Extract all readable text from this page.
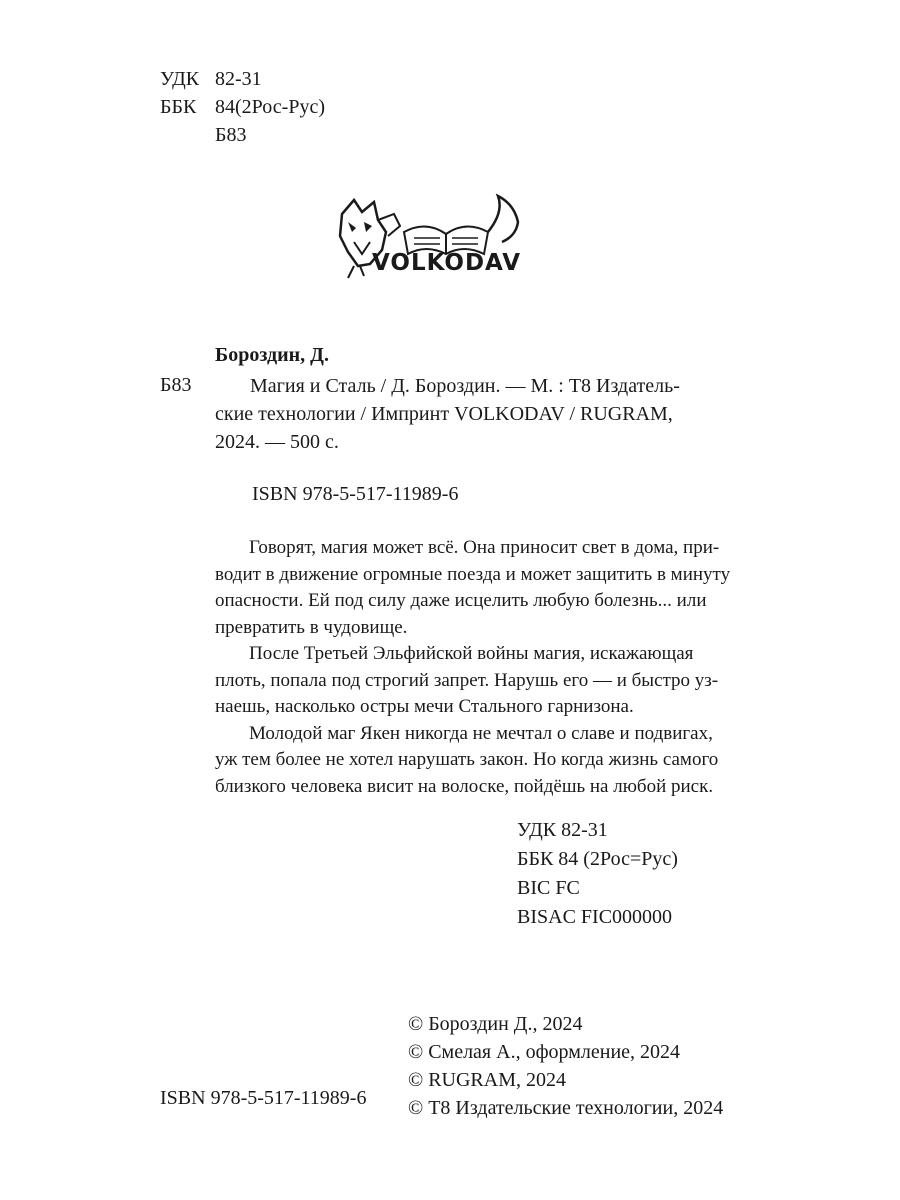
УДК 82-31
ББК 84(2Рос-Рус)
Б83
VOLKODAV
Бороздин, Д.
Б83	Магия и Сталь / Д. Бороздин. — М. : Т8 Издатель-
ские технологии / Импринт VOLKODAV / RUGRAM,
2024. — 500 с.
ISBN 978-5-517-11989-6

Говорят, магия может всё. Она приносит свет в дома, при-

водит в движение огромные поезда и может защитить в минуту

опасности. Ей под силу даже исцелить любую болезнь... или

превратить в чудовище.

После Третьей Эльфийской войны магия, искажающая

плоть, попала под строгий запрет. Нарушь его — и быстро уз-

наешь, насколько остры мечи Стального гарнизона.

Молодой маг Якен никогда не мечтал о славе и подвигах,

уж тем более не хотел нарушать закон. Но когда жизнь самого

близкого человека висит на волоске, пойдёшь на любой риск.

УДК 82-31
ББК 84 (2Рос=Рус)
BIC FC
BISAC FIC000000
© Бороздин Д., 2024
© Смелая А., оформление, 2024
© RUGRAM, 2024
© Т8 Издательские технологии, 2024
ISBN 978-5-517-11989-6
